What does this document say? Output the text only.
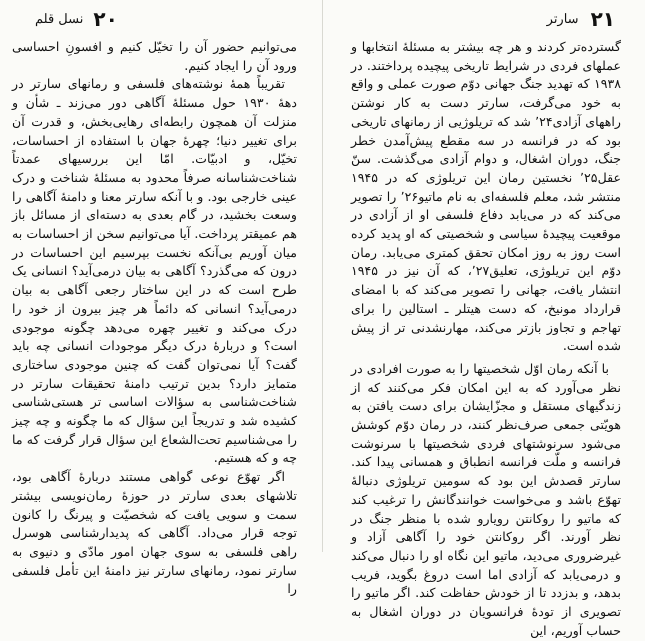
۲۰
نسل قلم

می‌توانیم حضور آن را تخیّل کنیم و افسونِ احساسی ورود آن را ایجاد کنیم.

تقریباً همهٔ نوشته‌های فلسفی و رمانهای سارتر در دههٔ ۱۹۳۰ حول مسئلهٔ آگاهی دور می‌زند ـ شأن و منزلت آن همچون رابطه‌ای رهایی‌بخش، و قدرت آن برای تغییر دنیا؛ چهرهٔ جهان با استفاده از احساسات، تخیّل، و ادبیّات. امّا این بررسیهای عمدتاً شناخت‌شناسانه صرفاً محدود به مسئلهٔ شناخت و درک عینی خارجی بود. و با آنکه سارتر معنا و دامنهٔ آگاهی را وسعت بخشید، در گام بعدی به دسته‌ای از مسائل باز هم عمیقتر پرداخت. آیا می‌توانیم سخن از احساسات به میان آوریم بی‌آنکه نخست بپرسیم این احساسات در درون که می‌گذرد؟ آگاهی به بیان درمی‌آید؟ انسانی یک طرح است که در این ساختار رجعی آگاهی به بیان درمی‌آید؟ انسانی که دائماً هر چیز بیرون از خود را درک می‌کند و تغییر چهره می‌دهد چگونه موجودی است؟ و دربارهٔ درک دیگر موجودات انسانی چه باید گفت؟ آیا نمی‌توان گفت که چنین موجودی ساختاری متمایز دارد؟ بدین ترتیب دامنهٔ تحقیقات سارتر در شناخت‌شناسی به سؤالات اساسی تر هستی‌شناسی کشیده شد و تدریجاً این سؤال که ما چگونه و چه چیز را می‌شناسیم تحت‌الشعاع این سؤال قرار گرفت که ما چه و که هستیم.

اگر تهوّع نوعی گواهی مستند دربارهٔ آگاهی بود، تلاشهای بعدی سارتر در حوزهٔ رمان‌نویسی بیشتر سمت و سویی یافت که شخصیّت و پیرنگ را کانون توجه قرار می‌داد. آگاهی که پدیدارشناسی هوسرل راهی فلسفی به سوی جهان امور مادّی و دنیوی به سارتر نمود، رمانهای سارتر نیز دامنهٔ این تأمل فلسفی را

۲۱
سارتر

گسترده‌تر کردند و هر چه بیشتر به مسئلهٔ انتخابها و عملهای فردی در شرایط تاریخی پیچیده پرداختند. در ۱۹۳۸ که تهدید جنگ جهانی دوّم صورت عملی و واقع به خود می‌گرفت، سارتر دست به کار نوشتن راههای آزادی٬۲۴ شد که تریلوژیی از رمانهای تاریخی بود که در فرانسه در سه مقطع پیش‌آمدن خطر جنگ، دوران اشغال، و دوام آزادی می‌گذشت. سنّ عقل٬۲۵ نخستین رمان این تریلوژی که در ۱۹۴۵ منتشر شد، معلم فلسفه‌ای به نام ماتیو٬۲۶ را تصویر می‌کند که در می‌یابد دفاع فلسفی او از آزادی در موقعیت پیچیدهٔ سیاسی و شخصیتی که او پدید کرده است روز به روز امکان تحقق کمتری می‌یابد. رمان دوّم این تریلوژی، تعلیق٬۲۷، که آن نیز در ۱۹۴۵ انتشار یافت، جهانی را تصویر می‌کند که با امضای قرارداد مونیخ، که دست هیتلر ـ استالین را برای تهاجم و تجاوز بازتر می‌کند، مهارنشدنی تر از پیش شده است.

با آنکه رمان اوّل شخصیتها را به صورت افرادی در نظر می‌آورد که به این امکان فکر می‌کنند که از زندگیهای مستقل و مجزّایشان برای دست یافتن به هویّتی جمعی صرف‌نظر کنند، در رمان دوّم کوشش می‌شود سرنوشتهای فردی شخصیتها با سرنوشت فرانسه و ملّت فرانسه انطباق و همسانی پیدا کند. سارتر قصدش این بود که سومین تریلوژی دنبالهٔ تهوّع باشد و می‌خواست خوانندگانش را ترغیب کند که ماتیو را روکانتن رویارو شده با منظر جنگ در نظر آورند. اگر روکانتن خود را آگاهی آزاد و غیرضروری می‌دید، ماتیو این نگاه او را دنبال می‌کند و درمی‌یابد که آزادی اما است دروغ بگوید، فریب بدهد، و بدزدد تا از خودش حفاظت کند. اگر ماتیو را تصویری از تودهٔ فرانسویان در دوران اشغال به حساب آوریم، این
